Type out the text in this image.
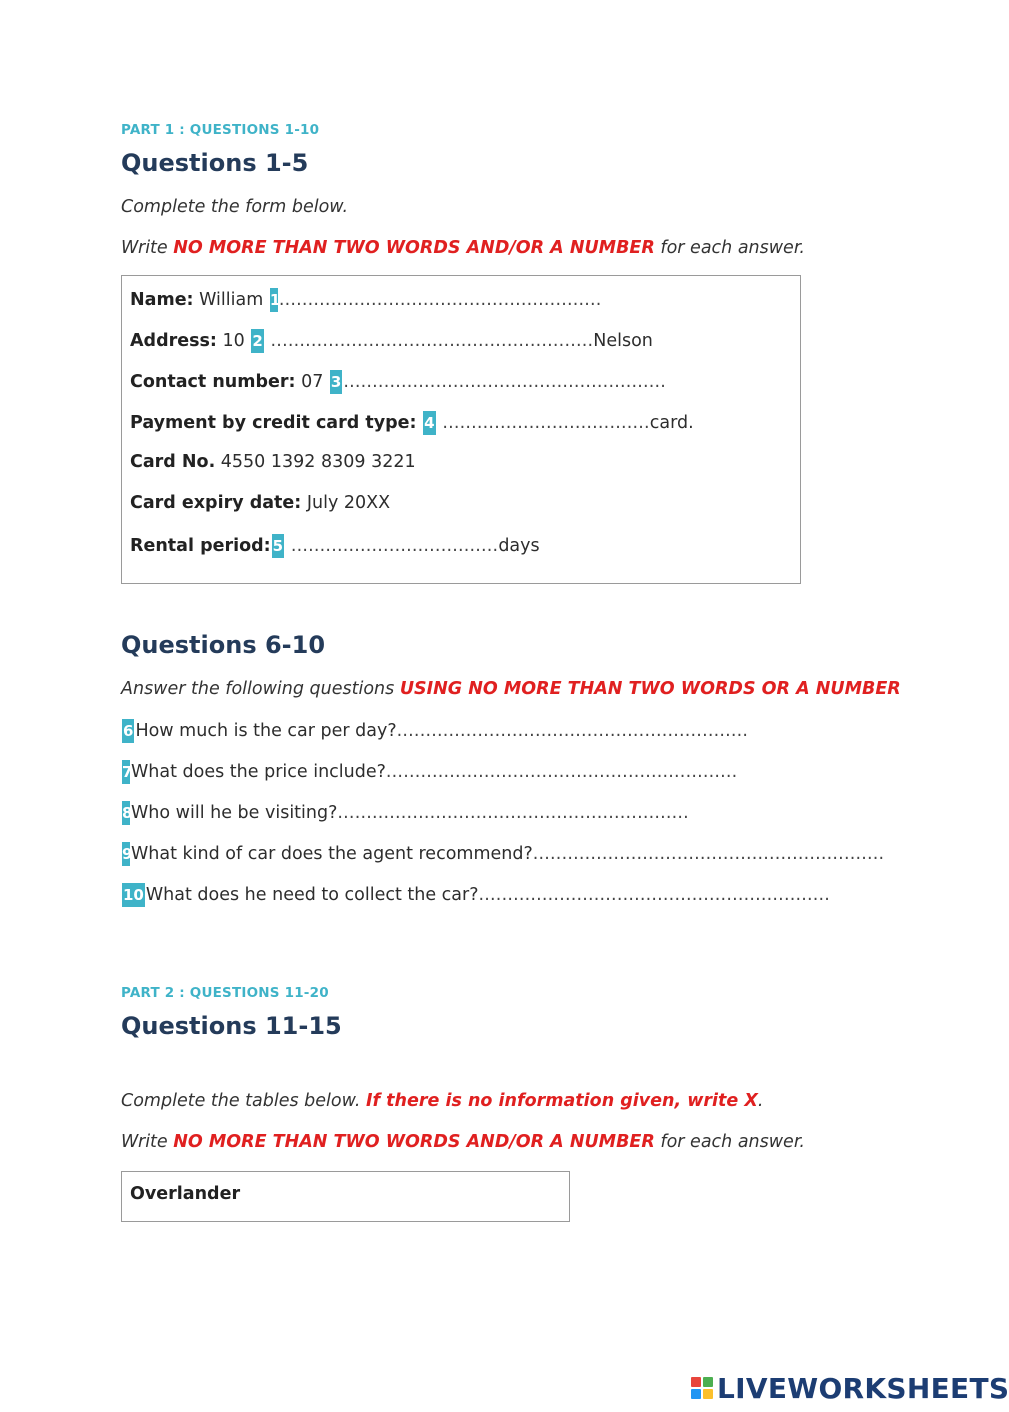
PART 1 : QUESTIONS 1-10
Questions 1-5
Complete the form below.
Write NO MORE THAN TWO WORDS AND/OR A NUMBER for each answer.
Name: William 1........................................................
Address: 10 2 ........................................................Nelson
Contact number: 07 3 ........................................................
Payment by credit card type: 4 ....................................card.
Card No. 4550 1392 8309 3221
Card expiry date: July 20XX
Rental period: 5 ....................................days
Questions 6-10
Answer the following questions USING NO MORE THAN TWO WORDS OR A NUMBER
6 How much is the car per day?.............................................................
7What does the price include?.............................................................
8Who will he be visiting?.............................................................
9What kind of car does the agent recommend?.............................................................
10 What does he need to collect the car?.............................................................
PART 2 : QUESTIONS 11-20
Questions 11-15
Complete the tables below. If there is no information given, write X.
Write NO MORE THAN TWO WORDS AND/OR A NUMBER for each answer.
Overlander
LIVEWORKSHEETS
